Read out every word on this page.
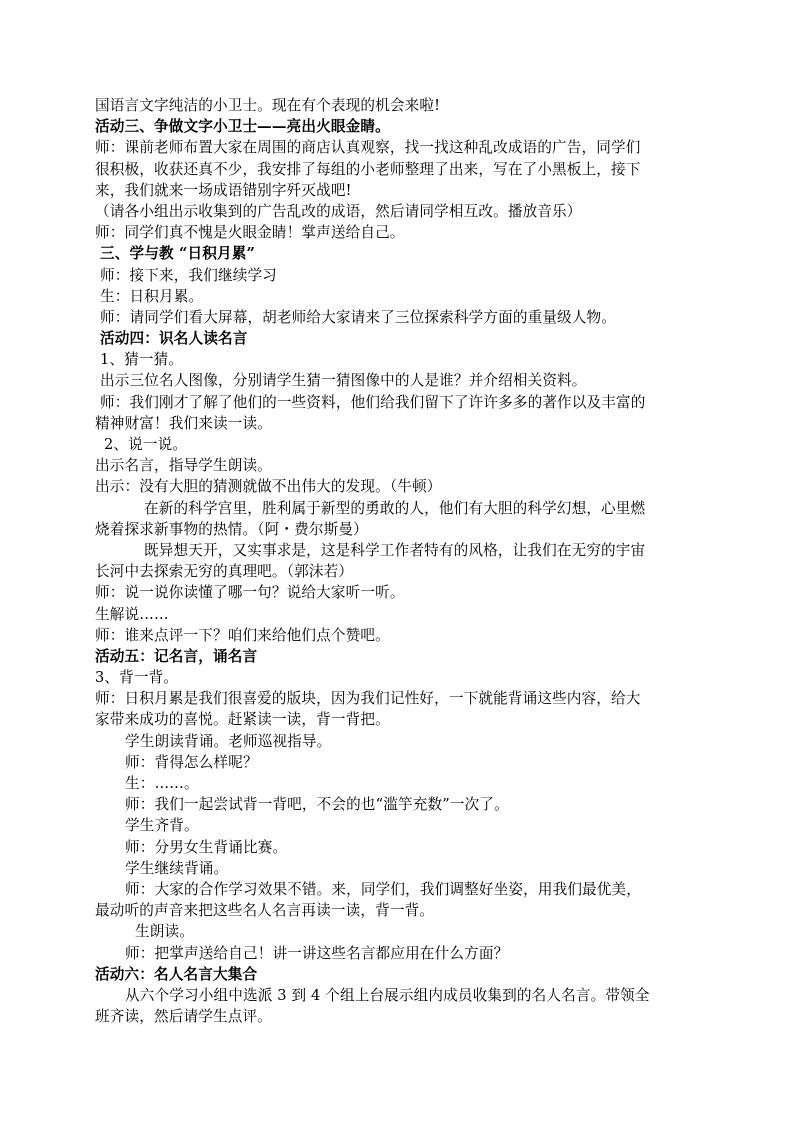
国语言文字纯洁的小卫士。现在有个表现的机会来啦!
活动三、争做文字小卫士——亮出火眼金睛。
师：课前老师布置大家在周围的商店认真观察，找一找这种乱改成语的广告，同学们
很积极，收获还真不少，我安排了每组的小老师整理了出来，写在了小黑板上，接下
来，我们就来一场成语错别字歼灭战吧!
（请各小组出示收集到的广告乱改的成语，然后请同学相互改。播放音乐）
师：同学们真不愧是火眼金睛！掌声送给自己。
三、学与教 “日积月累”
师：接下来，我们继续学习
生：日积月累。
师：请同学们看大屏幕，胡老师给大家请来了三位探索科学方面的重量级人物。
活动四：识名人读名言
1、猜一猜。
出示三位名人图像，分别请学生猜一猜图像中的人是谁？并介绍相关资料。
师：我们刚才了解了他们的一些资料，他们给我们留下了许许多多的著作以及丰富的
精神财富！我们来读一读。
2、说一说。
出示名言，指导学生朗读。
出示：没有大胆的猜测就做不出伟大的发现。（牛顿）
在新的科学宫里，胜利属于新型的勇敢的人，他们有大胆的科学幻想，心里燃
烧着探求新事物的热情。（阿・费尔斯曼）
既异想天开，又实事求是，这是科学工作者特有的风格，让我们在无穷的宇宙
长河中去探索无穷的真理吧。（郭沫若）
师：说一说你读懂了哪一句？说给大家听一听。
生解说……
师：谁来点评一下？咱们来给他们点个赞吧。
活动五：记名言，诵名言
3、背一背。
师：日积月累是我们很喜爱的版块，因为我们记性好，一下就能背诵这些内容，给大
家带来成功的喜悦。赶紧读一读，背一背把。
学生朗读背诵。老师巡视指导。
师：背得怎么样呢？
生：……。
师：我们一起尝试背一背吧，不会的也“滥竽充数”一次了。
学生齐背。
师：分男女生背诵比赛。
学生继续背诵。
师：大家的合作学习效果不错。来，同学们，我们调整好坐姿，用我们最优美，
最动听的声音来把这些名人名言再读一读，背一背。
生朗读。
师：把掌声送给自己！讲一讲这些名言都应用在什么方面？
活动六：名人名言大集合
从六个学习小组中选派 3 到 4 个组上台展示组内成员收集到的名人名言。带领全
班齐读，然后请学生点评。
